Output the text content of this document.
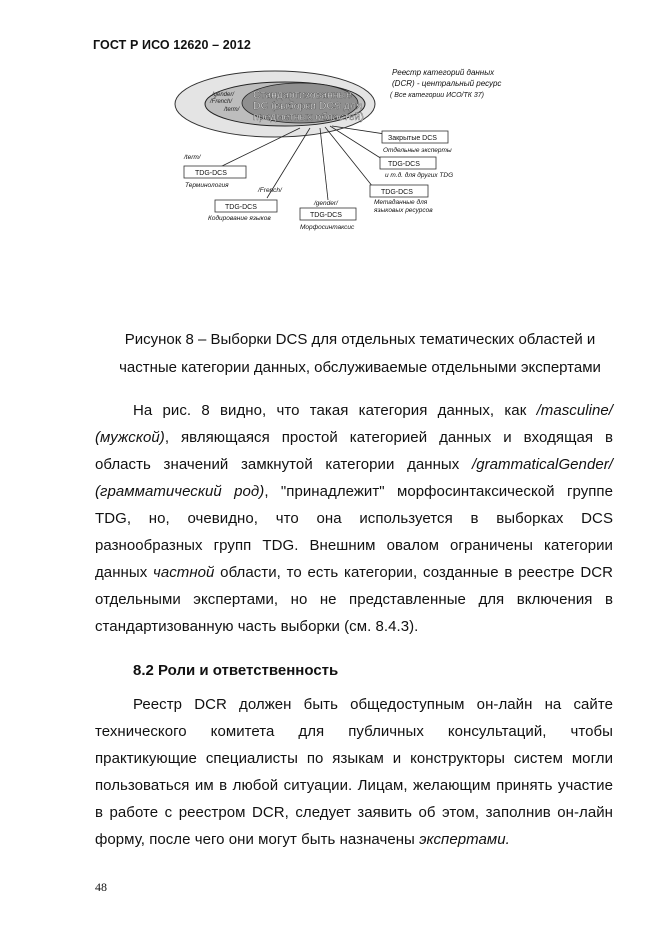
ГОСТ Р ИСО 12620 – 2012
Реестр категорий данных
(DCR) - центральный ресурс
( Все категории ИСО/ТК 37)
/gender/
/French/
/term/
Стандартизованные
DC (выборки DCS для
предметных областей)
Закрытые DCS
Отдельные эксперты
TDG-DCS
и т.д. для других TDG
TDG-DCS
Метаданные для
языковых ресурсов
/term/
TDG-DCS
Терминология
/French/
TDG-DCS
Кодирование языков
/gender/
TDG-DCS
Морфосинтаксис
Рисунок 8 – Выборки DCS для отдельных тематических областей и
частные категории данных, обслуживаемые отдельными экспертами

На рис. 8 видно, что такая категория данных, как /masculine/ (мужской), являющаяся простой категорией данных и входящая в область значений замкнутой категории данных /grammaticalGender/ (грамматический род), "принадлежит" морфосинтаксической группе TDG, но, очевидно, что она используется в выборках DCS разнообразных групп TDG. Внешним овалом ограничены категории данных частной области, то есть категории, созданные в реестре DCR отдельными экспертами, но не представленные для включения в стандартизованную часть выборки (см. 8.4.3).

8.2 Роли и ответственность

Реестр DCR должен быть общедоступным он-лайн на сайте технического комитета для публичных консультаций, чтобы практикующие специалисты по языкам и конструкторы систем могли пользоваться им в любой ситуации. Лицам, желающим принять участие в работе с реестром DCR, следует заявить об этом, заполнив он-лайн форму, после чего они могут быть назначены экспертами.

48
